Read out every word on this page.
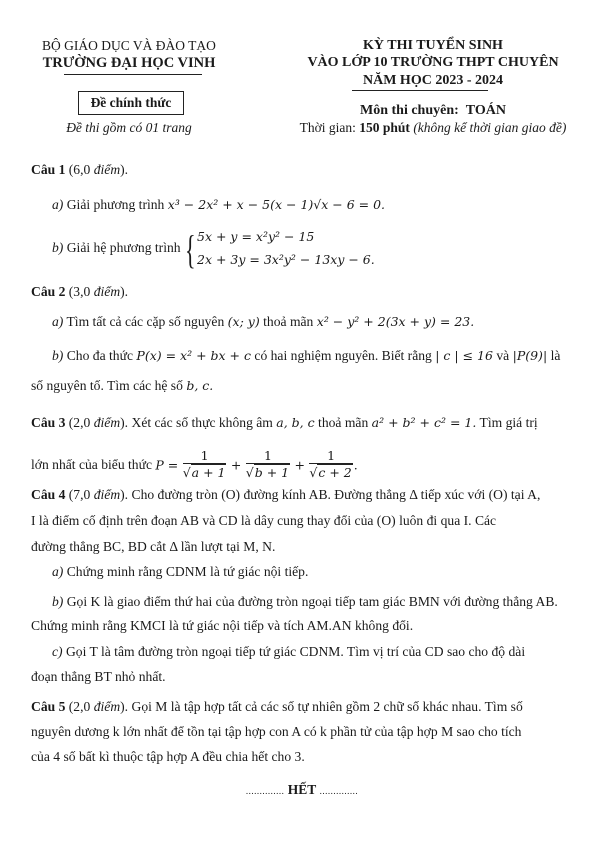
BỘ GIÁO DỤC VÀ ĐÀO TẠO
TRƯỜNG ĐẠI HỌC VINH
Đề chính thức
Đề thi gồm có 01 trang
KỲ THI TUYỂN SINH
VÀO LỚP 10 TRƯỜNG THPT CHUYÊN
NĂM HỌC 2023 - 2024
Môn thi chuyên: TOÁN
Thời gian: 150 phút (không kể thời gian giao đề)
Câu 1 (6,0 điểm).
a) Giải phương trình x³ − 2x² + x − 5(x − 1)√x − 6 = 0.
b) Giải hệ phương trình { 5x + y = x²y² − 15
2x + 3y = 3x²y² − 13xy − 6.
Câu 2 (3,0 điểm).
a) Tìm tất cả các cặp số nguyên (x; y) thoả mãn x² − y² + 2(3x + y) = 23.
b) Cho đa thức P(x) = x² + bx + c có hai nghiệm nguyên. Biết rằng | c | ≤ 16 và |P(9)| là
số nguyên tố. Tìm các hệ số b, c.
Câu 3 (2,0 điểm). Xét các số thực không âm a, b, c thoả mãn a² + b² + c² = 1. Tìm giá trị
lớn nhất của biểu thức $P = \frac{1}{√a + 1} + \frac{1}{√b + 1} + \frac{1}{√c + 2}$ .
Câu 4 (7,0 điểm). Cho đường tròn (O) đường kính AB. Đường thẳng Δ tiếp xúc với (O) tại A,
I là điểm cố định trên đoạn AB và CD là dây cung thay đổi của (O) luôn đi qua I. Các
đường thẳng BC, BD cắt Δ lần lượt tại M, N.
a) Chứng minh rằng CDNM là tứ giác nội tiếp.
b) Gọi K là giao điểm thứ hai của đường tròn ngoại tiếp tam giác BMN với đường thẳng AB.
Chứng minh rằng KMCI là tứ giác nội tiếp và tích AM.AN không đổi.
c) Gọi T là tâm đường tròn ngoại tiếp tứ giác CDNM. Tìm vị trí của CD sao cho độ dài
đoạn thẳng BT nhỏ nhất.
Câu 5 (2,0 điểm). Gọi M là tập hợp tất cả các số tự nhiên gồm 2 chữ số khác nhau. Tìm số
nguyên dương k lớn nhất để tồn tại tập hợp con A có k phần tử của tập hợp M sao cho tích
của 4 số bất kì thuộc tập hợp A đều chia hết cho 3.
.............. HẾT ..............
